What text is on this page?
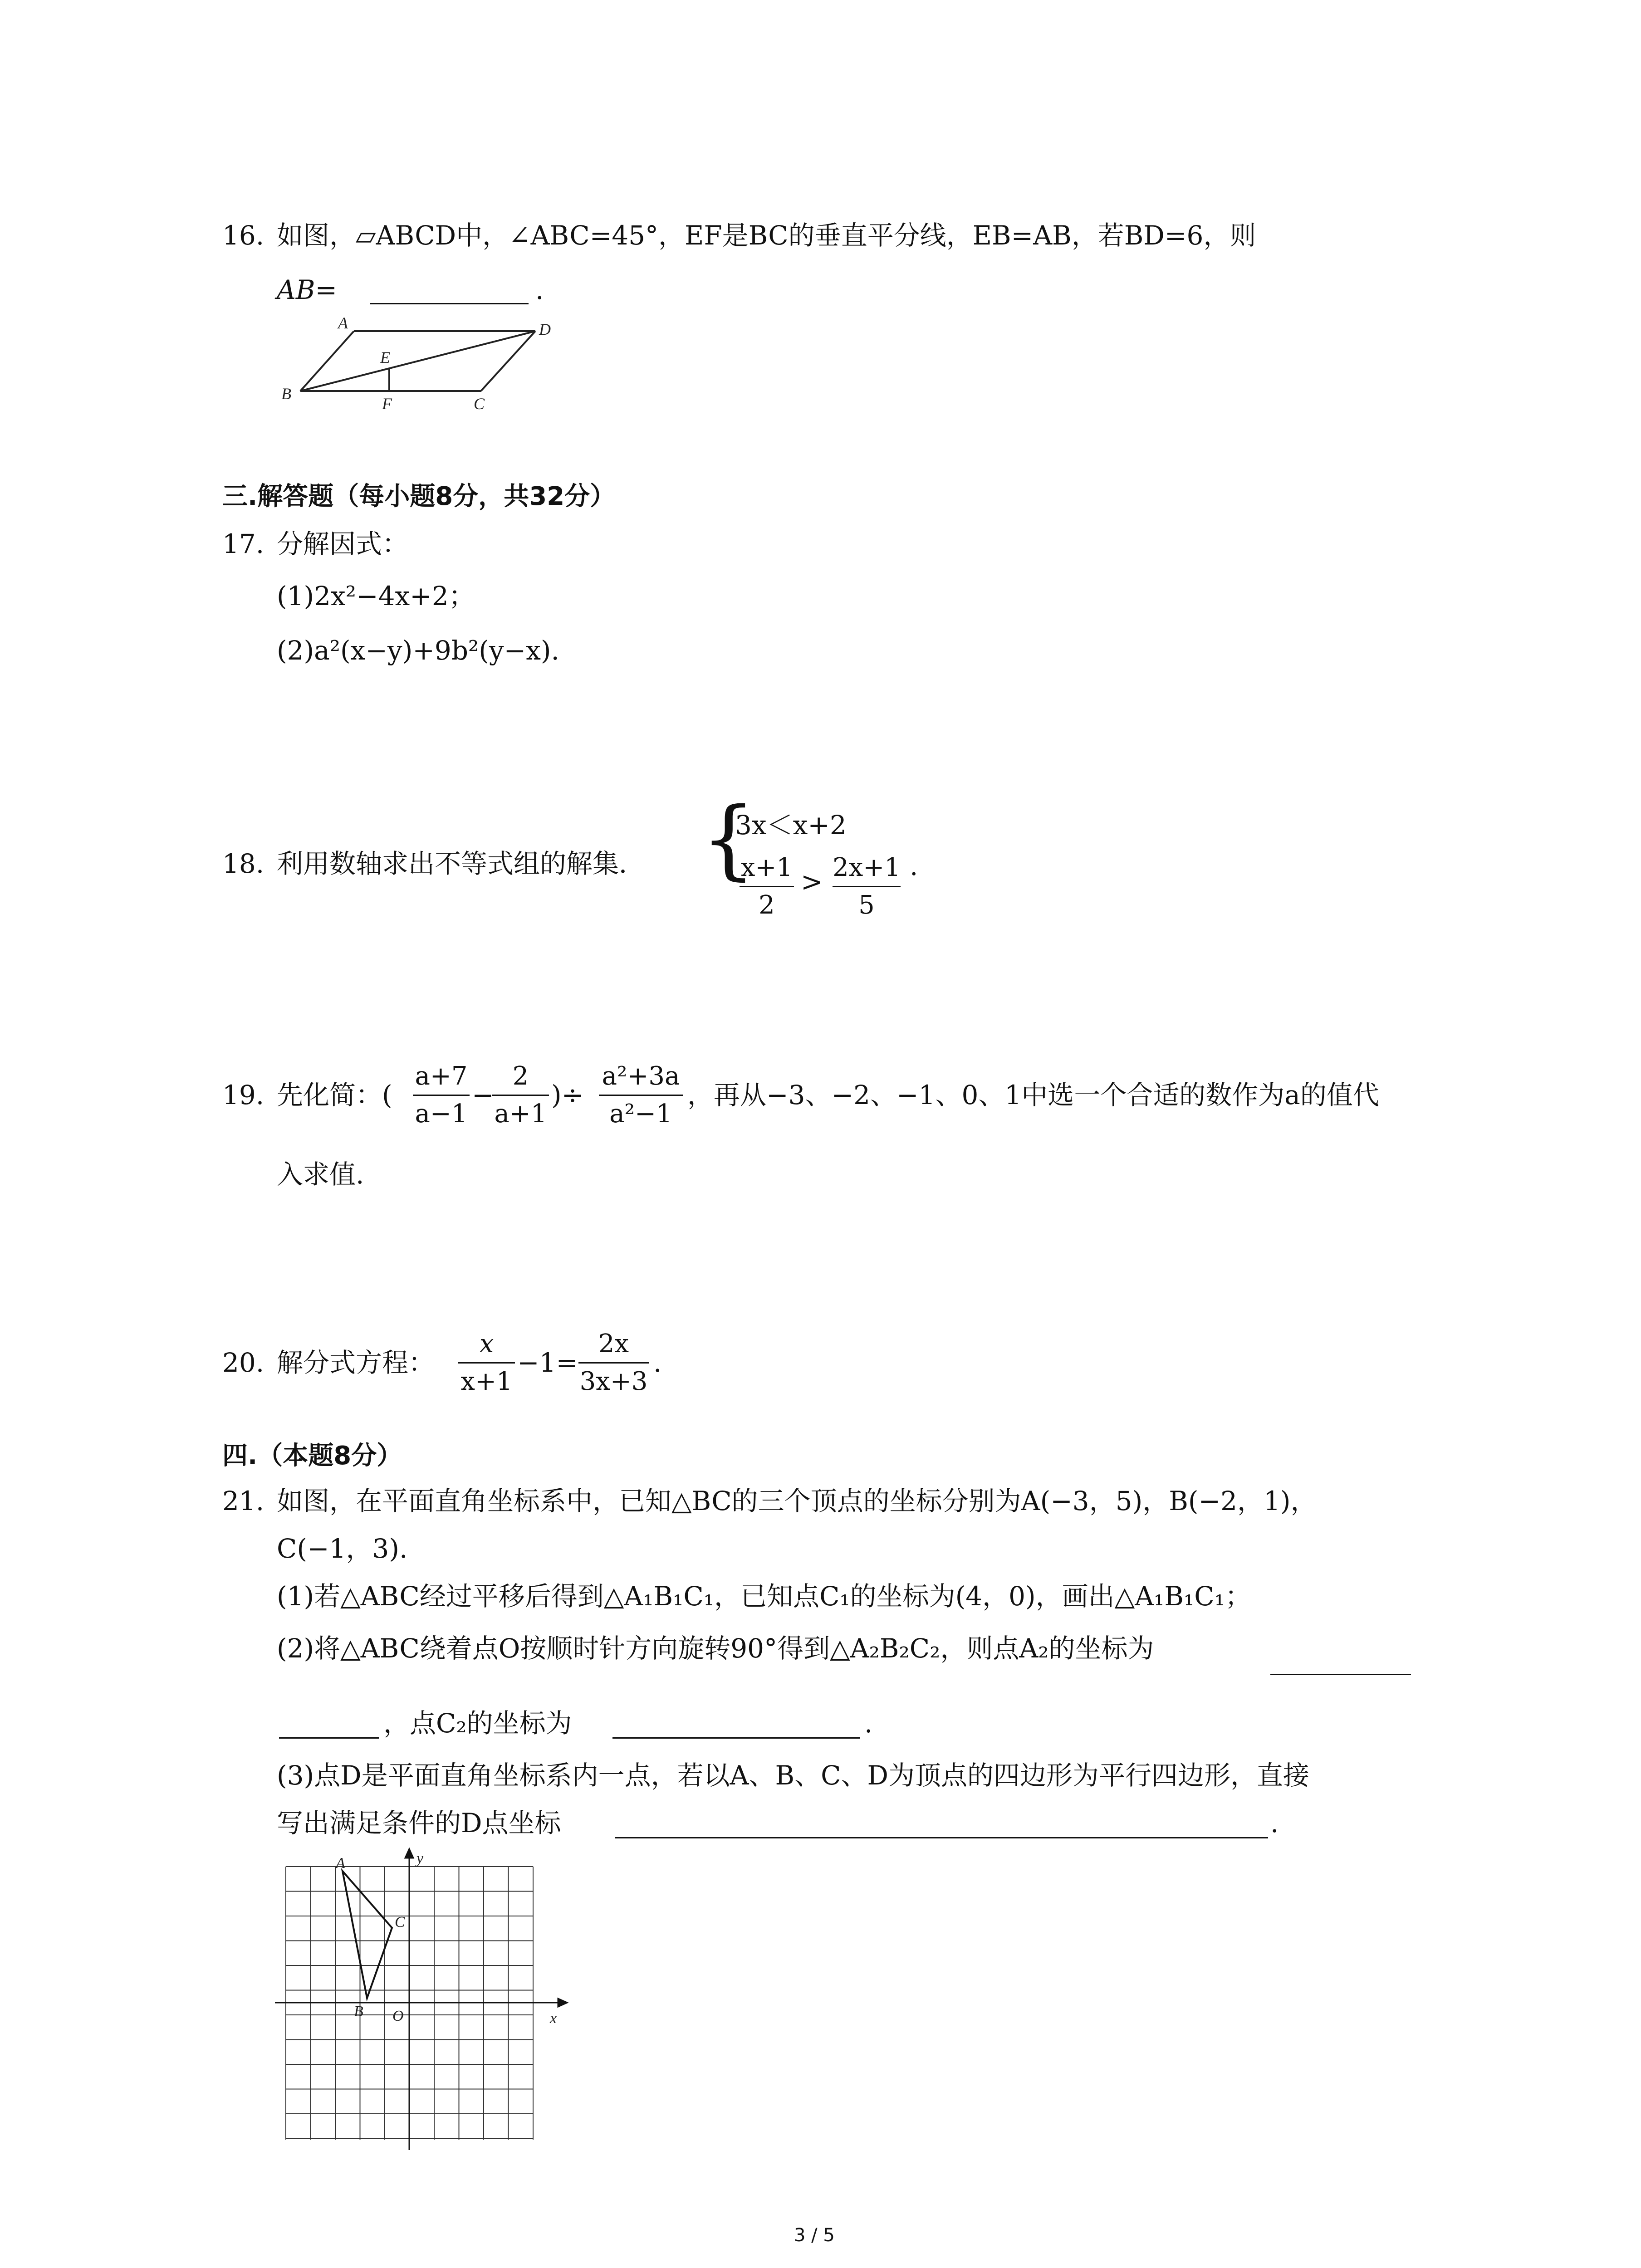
16. 如图，▱ABCD中，∠ABC=45°，EF是BC的垂直平分线，EB=AB，若BD=6，则
AB=	.
A
B
C
D
E
F
三.解答题（每小题8分，共32分）
17. 分解因式：
(1)2x²−4x+2；
(2)a²(x−y)+9b²(y−x).
18. 利用数轴求出不等式组的解集． {
3x＜x+2
x+1
2
> 2x+1
5
.
19. 先化简：(
a+7
a−1
−
2
a+1
)÷
a²+3a
a²−1
，再从−3、−2、−1、0、1中选一个合适的数作为a的值代
入求值.
20. 解分式方程：
x
x+1
−1=
2x
3x+3
.
四.（本题8分）
21. 如图，在平面直角坐标系中，已知△BC的三个顶点的坐标分别为A(−3，5)，B(−2，1)，
C(−1，3).
(1)若△ABC经过平移后得到△A₁B₁C₁，已知点C₁的坐标为(4，0)，画出△A₁B₁C₁；
(2)将△ABC绕着点O按顺时针方向旋转90°得到△A₂B₂C₂，则点A₂的坐标为
，点C₂的坐标为	.
(3)点D是平面直角坐标系内一点，若以A、B、C、D为顶点的四边形为平行四边形，直接
写出满足条件的D点坐标	.
A
B
C
O	x
y
3 / 5
